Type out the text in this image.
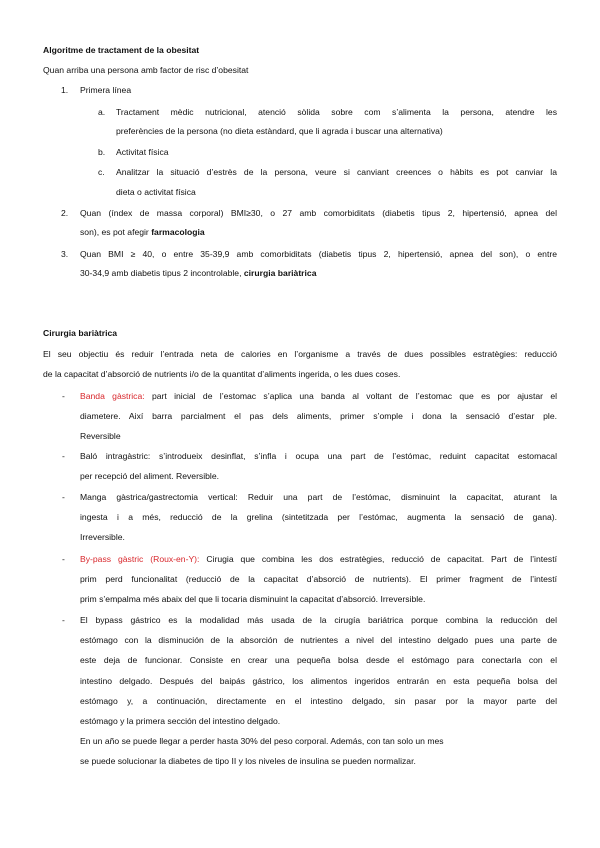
Algoritme de tractament de la obesitat
Quan arriba una persona amb factor de risc d’obesitat
1. Primera línea
a. Tractament mèdic nutricional, atenció sòlida sobre com s’alimenta la persona, atendre les
preferències de la persona (no dieta estàndard, que li agrada i buscar una alternativa)
b. Activitat física
c. Analitzar la situació d’estrès de la persona, veure si canviant creences o hàbits es pot canviar la
dieta o activitat física
2. Quan (índex de massa corporal) BMI≥30, o 27 amb comorbiditats (diabetis tipus 2, hipertensió, apnea del
son), es pot afegir farmacologia
3. Quan BMI ≥ 40, o entre 35-39,9 amb comorbiditats (diabetis tipus 2, hipertensió, apnea del son), o entre
30-34,9 amb diabetis tipus 2 incontrolable, cirurgia bariàtrica
Cirurgia bariàtrica
El seu objectiu és reduir l’entrada neta de calories en l’organisme a través de dues possibles estratègies: reducció
de la capacitat d’absorció de nutrients i/o de la quantitat d’aliments ingerida, o les dues coses.
- Banda gàstrica: part inicial de l’estomac s’aplica una banda al voltant de l’estomac que es por ajustar el
diametere. Així barra parcialment el pas dels aliments, primer s’omple i dona la sensació d’estar ple.
Reversible
- Baló intragàstric: s’introdueix desinflat, s’infla i ocupa una part de l’estómac, reduint capacitat estomacal
per recepció del aliment. Reversible.
- Manga gàstrica/gastrectomia vertical: Reduir una part de l’estómac, disminuint la capacitat, aturant la
ingesta i a més, reducció de la grelina (sintetitzada per l’estómac, augmenta la sensació de gana).
Irreversible.
- By-pass gàstric (Roux-en-Y): Cirugia que combina les dos estratègies, reducció de capacitat. Part de l’intestí
prim perd funcionalitat (reducció de la capacitat d’absorció de nutrients). El primer fragment de l’intestí
prim s’empalma més abaix del que li tocaria disminuint la capacitat d’absorció. Irreversible.
- El bypass gástrico es la modalidad más usada de la cirugía bariátrica porque combina la reducción del
estómago con la disminución de la absorción de nutrientes a nivel del intestino delgado pues una parte de
este deja de funcionar. Consiste en crear una pequeña bolsa desde el estómago para conectarla con el
intestino delgado. Después del baipás gástrico, los alimentos ingeridos entrarán en esta pequeña bolsa del
estómago y, a continuación, directamente en el intestino delgado, sin pasar por la mayor parte del
estómago y la primera sección del intestino delgado.
En un año se puede llegar a perder hasta 30% del peso corporal. Además, con tan solo un mes
se puede solucionar la diabetes de tipo II y los niveles de insulina se pueden normalizar.
